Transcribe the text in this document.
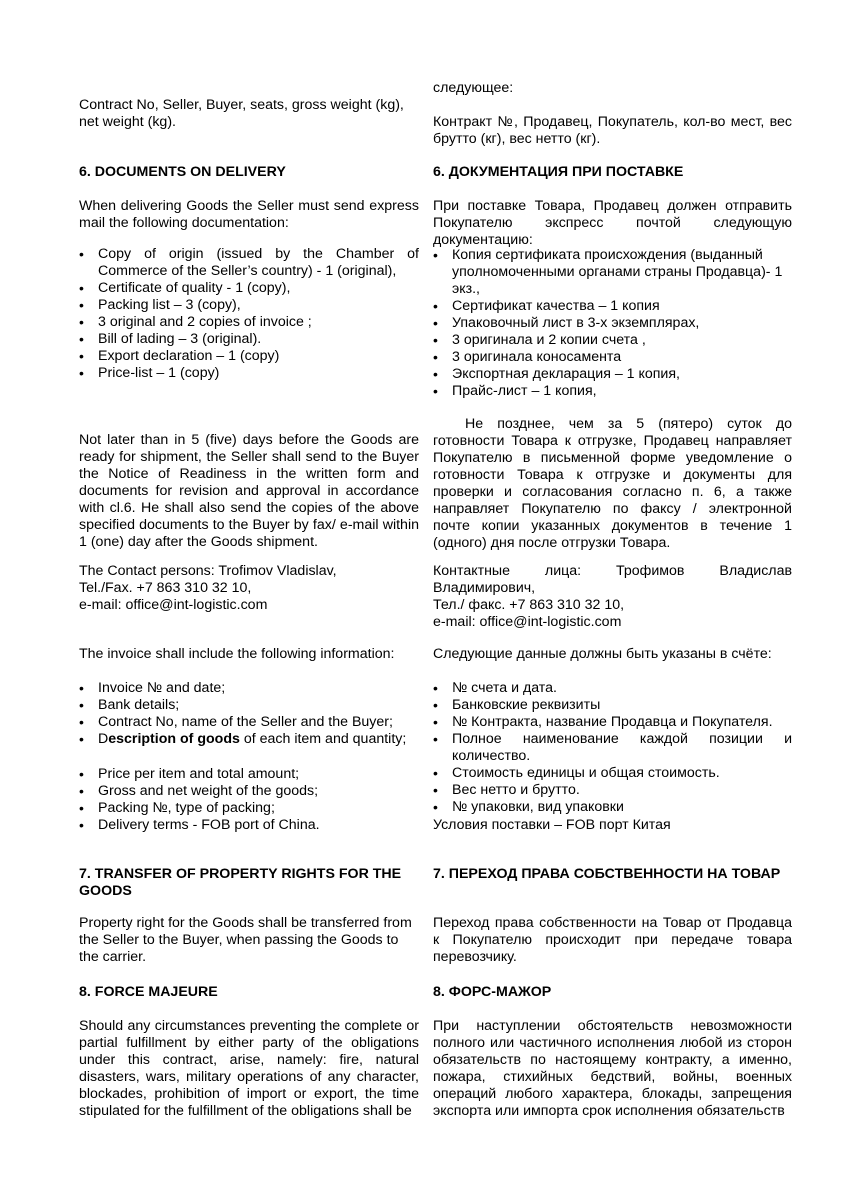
Contract No, Seller, Buyer, seats, gross weight (kg), net weight (kg).

6. DOCUMENTS ON DELIVERY

When delivering Goods the Seller must send express mail the following documentation:

• Copy of origin (issued by the Chamber of Commerce of the Seller’s country) - 1 (original),
• Certificate of quality - 1 (copy),
• Packing list – 3 (copy),
• 3 original and 2 copies of invoice ;
• Bill of lading – 3 (original).
• Export declaration – 1 (copy)
• Price-list – 1 (copy)

Not later than in 5 (five) days before the Goods are ready for shipment, the Seller shall send to the Buyer the Notice of Readiness in the written form and documents for revision and approval in accordance with cl.6. He shall also send the copies of the above specified documents to the Buyer by fax/ e-mail within 1 (one) day after the Goods shipment.

The Contact persons: Trofimov Vladislav,
Tel./Fax. +7 863 310 32 10,
e-mail: office@int-logistic.com

The invoice shall include the following information:

• Invoice № and date;
• Bank details;
• Contract No, name of the Seller and the Buyer;
• Description of goods of each item and quantity;
• Price per item and total amount;
• Gross and net weight of the goods;
• Packing №, type of packing;
• Delivery terms - FOB port of China.
7. TRANSFER OF PROPERTY RIGHTS FOR THE GOODS

Property right for the Goods shall be transferred from the Seller to the Buyer, when passing the Goods to the carrier.

8. FORCE MAJEURE

Should any circumstances preventing the complete or partial fulfillment by either party of the obligations under this contract, arise, namely: fire, natural disasters, wars, military operations of any character, blockades, prohibition of import or export, the time stipulated for the fulfillment of the obligations shall be

следующее:

Контракт №, Продавец, Покупатель, кол-во мест, вес брутто (кг), вес нетто (кг).

6. ДОКУМЕНТАЦИЯ ПРИ ПОСТАВКЕ

При поставке Товара, Продавец должен отправить Покупателю экспресс почтой следующую документацию:

• Копия сертификата происхождения (выданный уполномоченными органами страны Продавца)- 1 экз.,
• Сертификат качества – 1 копия
• Упаковочный лист в 3-х экземплярах,
• 3 оригинала и 2 копии счета ,
• 3 оригинала коносамента
• Экспортная декларация – 1 копия,
• Прайс-лист – 1 копия,

Не позднее, чем за 5 (пятеро) суток до готовности Товара к отгрузке, Продавец направляет Покупателю в письменной форме уведомление о готовности Товара к отгрузке и документы для проверки и согласования согласно п. 6, а также направляет Покупателю по факсу / электронной почте копии указанных документов в течение 1 (одного) дня после отгрузки Товара.

Контактные лица: Трофимов Владислав Владимирович,
Тел./ факс. +7 863 310 32 10,
e-mail: office@int-logistic.com

Следующие данные должны быть указаны в счёте:

• № счета и дата.
• Банковские реквизиты
• № Контракта, название Продавца и Покупателя.
• Полное наименование каждой позиции и количество.
• Стоимость единицы и общая стоимость.
• Вес нетто и брутто.
• № упаковки, вид упаковки

Условия поставки – FOB порт Китая

7. ПЕРЕХОД ПРАВА СОБСТВЕННОСТИ НА ТОВАР

Переход права собственности на Товар от Продавца к Покупателю происходит при передаче товара перевозчику.

8. ФОРС-МАЖОР

При наступлении обстоятельств невозможности полного или частичного исполнения любой из сторон обязательств по настоящему контракту, а именно, пожара, стихийных бедствий, войны, военных операций любого характера, блокады, запрещения экспорта или импорта срок исполнения обязательств
